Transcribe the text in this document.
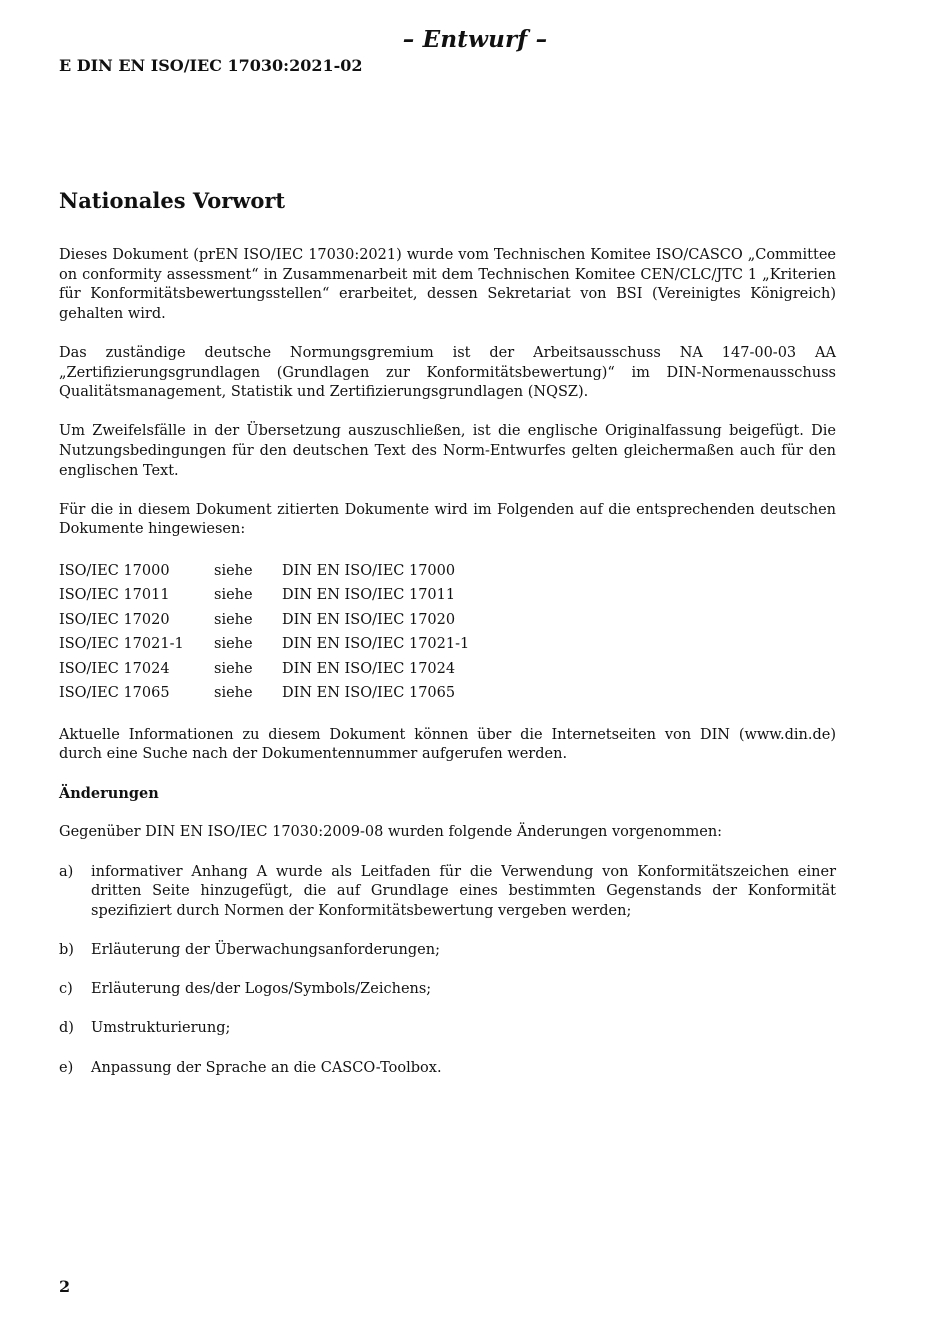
– Entwurf –

E DIN EN ISO/IEC 17030:2021-02

Nationales Vorwort

Dieses Dokument (prEN ISO/IEC 17030:2021) wurde vom Technischen Komitee ISO/CASCO „Committee on conformity assessment“ in Zusammenarbeit mit dem Technischen Komitee CEN/CLC/JTC 1 „Kriterien für Konformitätsbewertungsstellen“ erarbeitet, dessen Sekretariat von BSI (Vereinigtes Königreich) gehalten wird.

Das zuständige deutsche Normungsgremium ist der Arbeitsausschuss NA 147-00-03 AA „Zertifizierungsgrundlagen (Grundlagen zur Konformitätsbewertung)“ im DIN-Normenausschuss Qualitätsmanagement, Statistik und Zertifizierungsgrundlagen (NQSZ).

Um Zweifelsfälle in der Übersetzung auszuschließen, ist die englische Originalfassung beigefügt. Die Nutzungsbedingungen für den deutschen Text des Norm-Entwurfes gelten gleichermaßen auch für den englischen Text.

Für die in diesem Dokument zitierten Dokumente wird im Folgenden auf die entsprechenden deutschen Dokumente hingewiesen:

ISO/IEC 17000	siehe	DIN EN ISO/IEC 17000
ISO/IEC 17011	siehe	DIN EN ISO/IEC 17011
ISO/IEC 17020	siehe	DIN EN ISO/IEC 17020
ISO/IEC 17021-1	siehe	DIN EN ISO/IEC 17021-1
ISO/IEC 17024	siehe	DIN EN ISO/IEC 17024
ISO/IEC 17065	siehe	DIN EN ISO/IEC 17065

Aktuelle Informationen zu diesem Dokument können über die Internetseiten von DIN (www.din.de) durch eine Suche nach der Dokumentennummer aufgerufen werden.

Änderungen

Gegenüber DIN EN ISO/IEC 17030:2009-08 wurden folgende Änderungen vorgenommen:

a)	informativer Anhang A wurde als Leitfaden für die Verwendung von Konformitätszeichen einer dritten Seite hinzugefügt, die auf Grundlage eines bestimmten Gegenstands der Konformität spezifiziert durch Normen der Konformitätsbewertung vergeben werden;
b)	Erläuterung der Überwachungsanforderungen;
c)	Erläuterung des/der Logos/Symbols/Zeichens;
d)	Umstrukturierung;
e)	Anpassung der Sprache an die CASCO-Toolbox.

2
